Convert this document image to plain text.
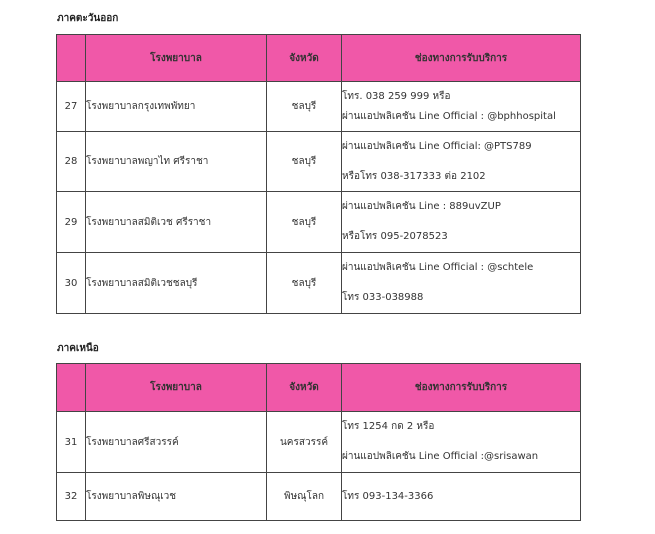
ภาคตะวันออก
	โรงพยาบาล	จังหวัด	ช่องทางการรับบริการ
27	โรงพยาบาลกรุงเทพพัทยา	ชลบุรี	โทร. 038 259 999 หรือ
ผ่านแอปพลิเคชัน Line Official : @bphhospital

28	โรงพยาบาลพญาไท ศรีราชา	ชลบุรี	ผ่านแอปพลิเคชัน Line Official: @PTS789
หรือโทร 038-317333 ต่อ 2102

29	โรงพยาบาลสมิติเวช ศรีราชา	ชลบุรี	ผ่านแอปพลิเคชัน Line : 889uvZUP
หรือโทร 095-2078523

30	โรงพยาบาลสมิติเวชชลบุรี	ชลบุรี	ผ่านแอปพลิเคชัน Line Official : @schtele
โทร 033-038988
ภาคเหนือ
	โรงพยาบาล	จังหวัด	ช่องทางการรับบริการ
31	โรงพยาบาลศรีสวรรค์	นครสวรรค์	โทร 1254 กด 2 หรือ
ผ่านแอปพลิเคชัน Line Official :@srisawan

32	โรงพยาบาลพิษณุเวช	พิษณุโลก	โทร 093-134-3366
